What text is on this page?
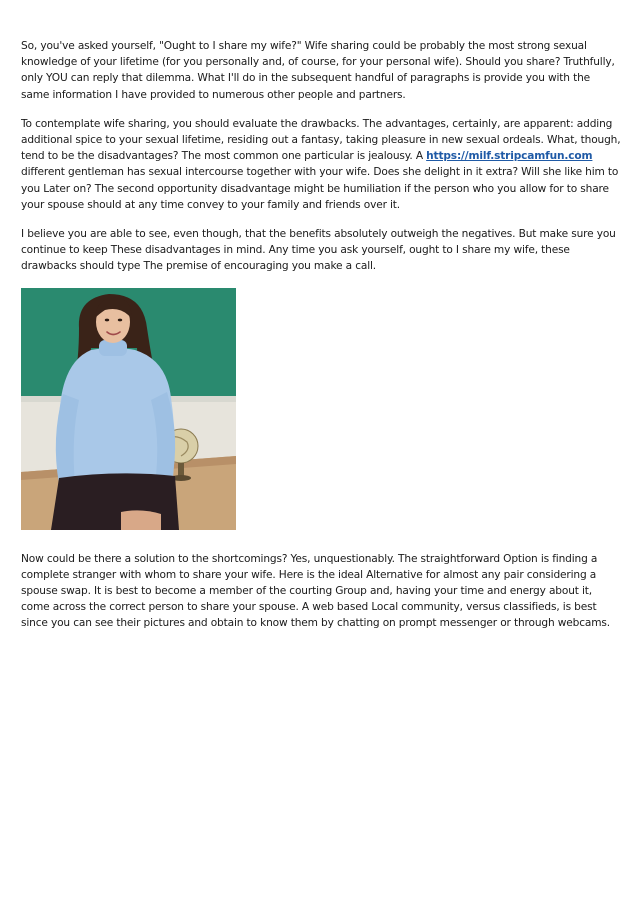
So, you've asked yourself, "Ought to I share my wife?" Wife sharing could be probably the most strong sexual knowledge of your lifetime (for you personally and, of course, for your personal wife). Should you share? Truthfully, only YOU can reply that dilemma. What I'll do in the subsequent handful of paragraphs is provide you with the same information I have provided to numerous other people and partners.

To contemplate wife sharing, you should evaluate the drawbacks. The advantages, certainly, are apparent: adding additional spice to your sexual lifetime, residing out a fantasy, taking pleasure in new sexual ordeals. What, though, tend to be the disadvantages? The most common one particular is jealousy. A https://milf.stripcamfun.com different gentleman has sexual intercourse together with your wife. Does she delight in it extra? Will she like him to you Later on? The second opportunity disadvantage might be humiliation if the person who you allow for to share your spouse should at any time convey to your family and friends over it.

I believe you are able to see, even though, that the benefits absolutely outweigh the negatives. But make sure you continue to keep These disadvantages in mind. Any time you ask yourself, ought to I share my wife, these drawbacks should type The premise of encouraging you make a call.

Now could be there a solution to the shortcomings? Yes, unquestionably. The straightforward Option is finding a complete stranger with whom to share your wife. Here is the ideal Alternative for almost any pair considering a spouse swap. It is best to become a member of the courting Group and, having your time and energy about it, come across the correct person to share your spouse. A web based Local community, versus classifieds, is best since you can see their pictures and obtain to know them by chatting on prompt messenger or through webcams.
